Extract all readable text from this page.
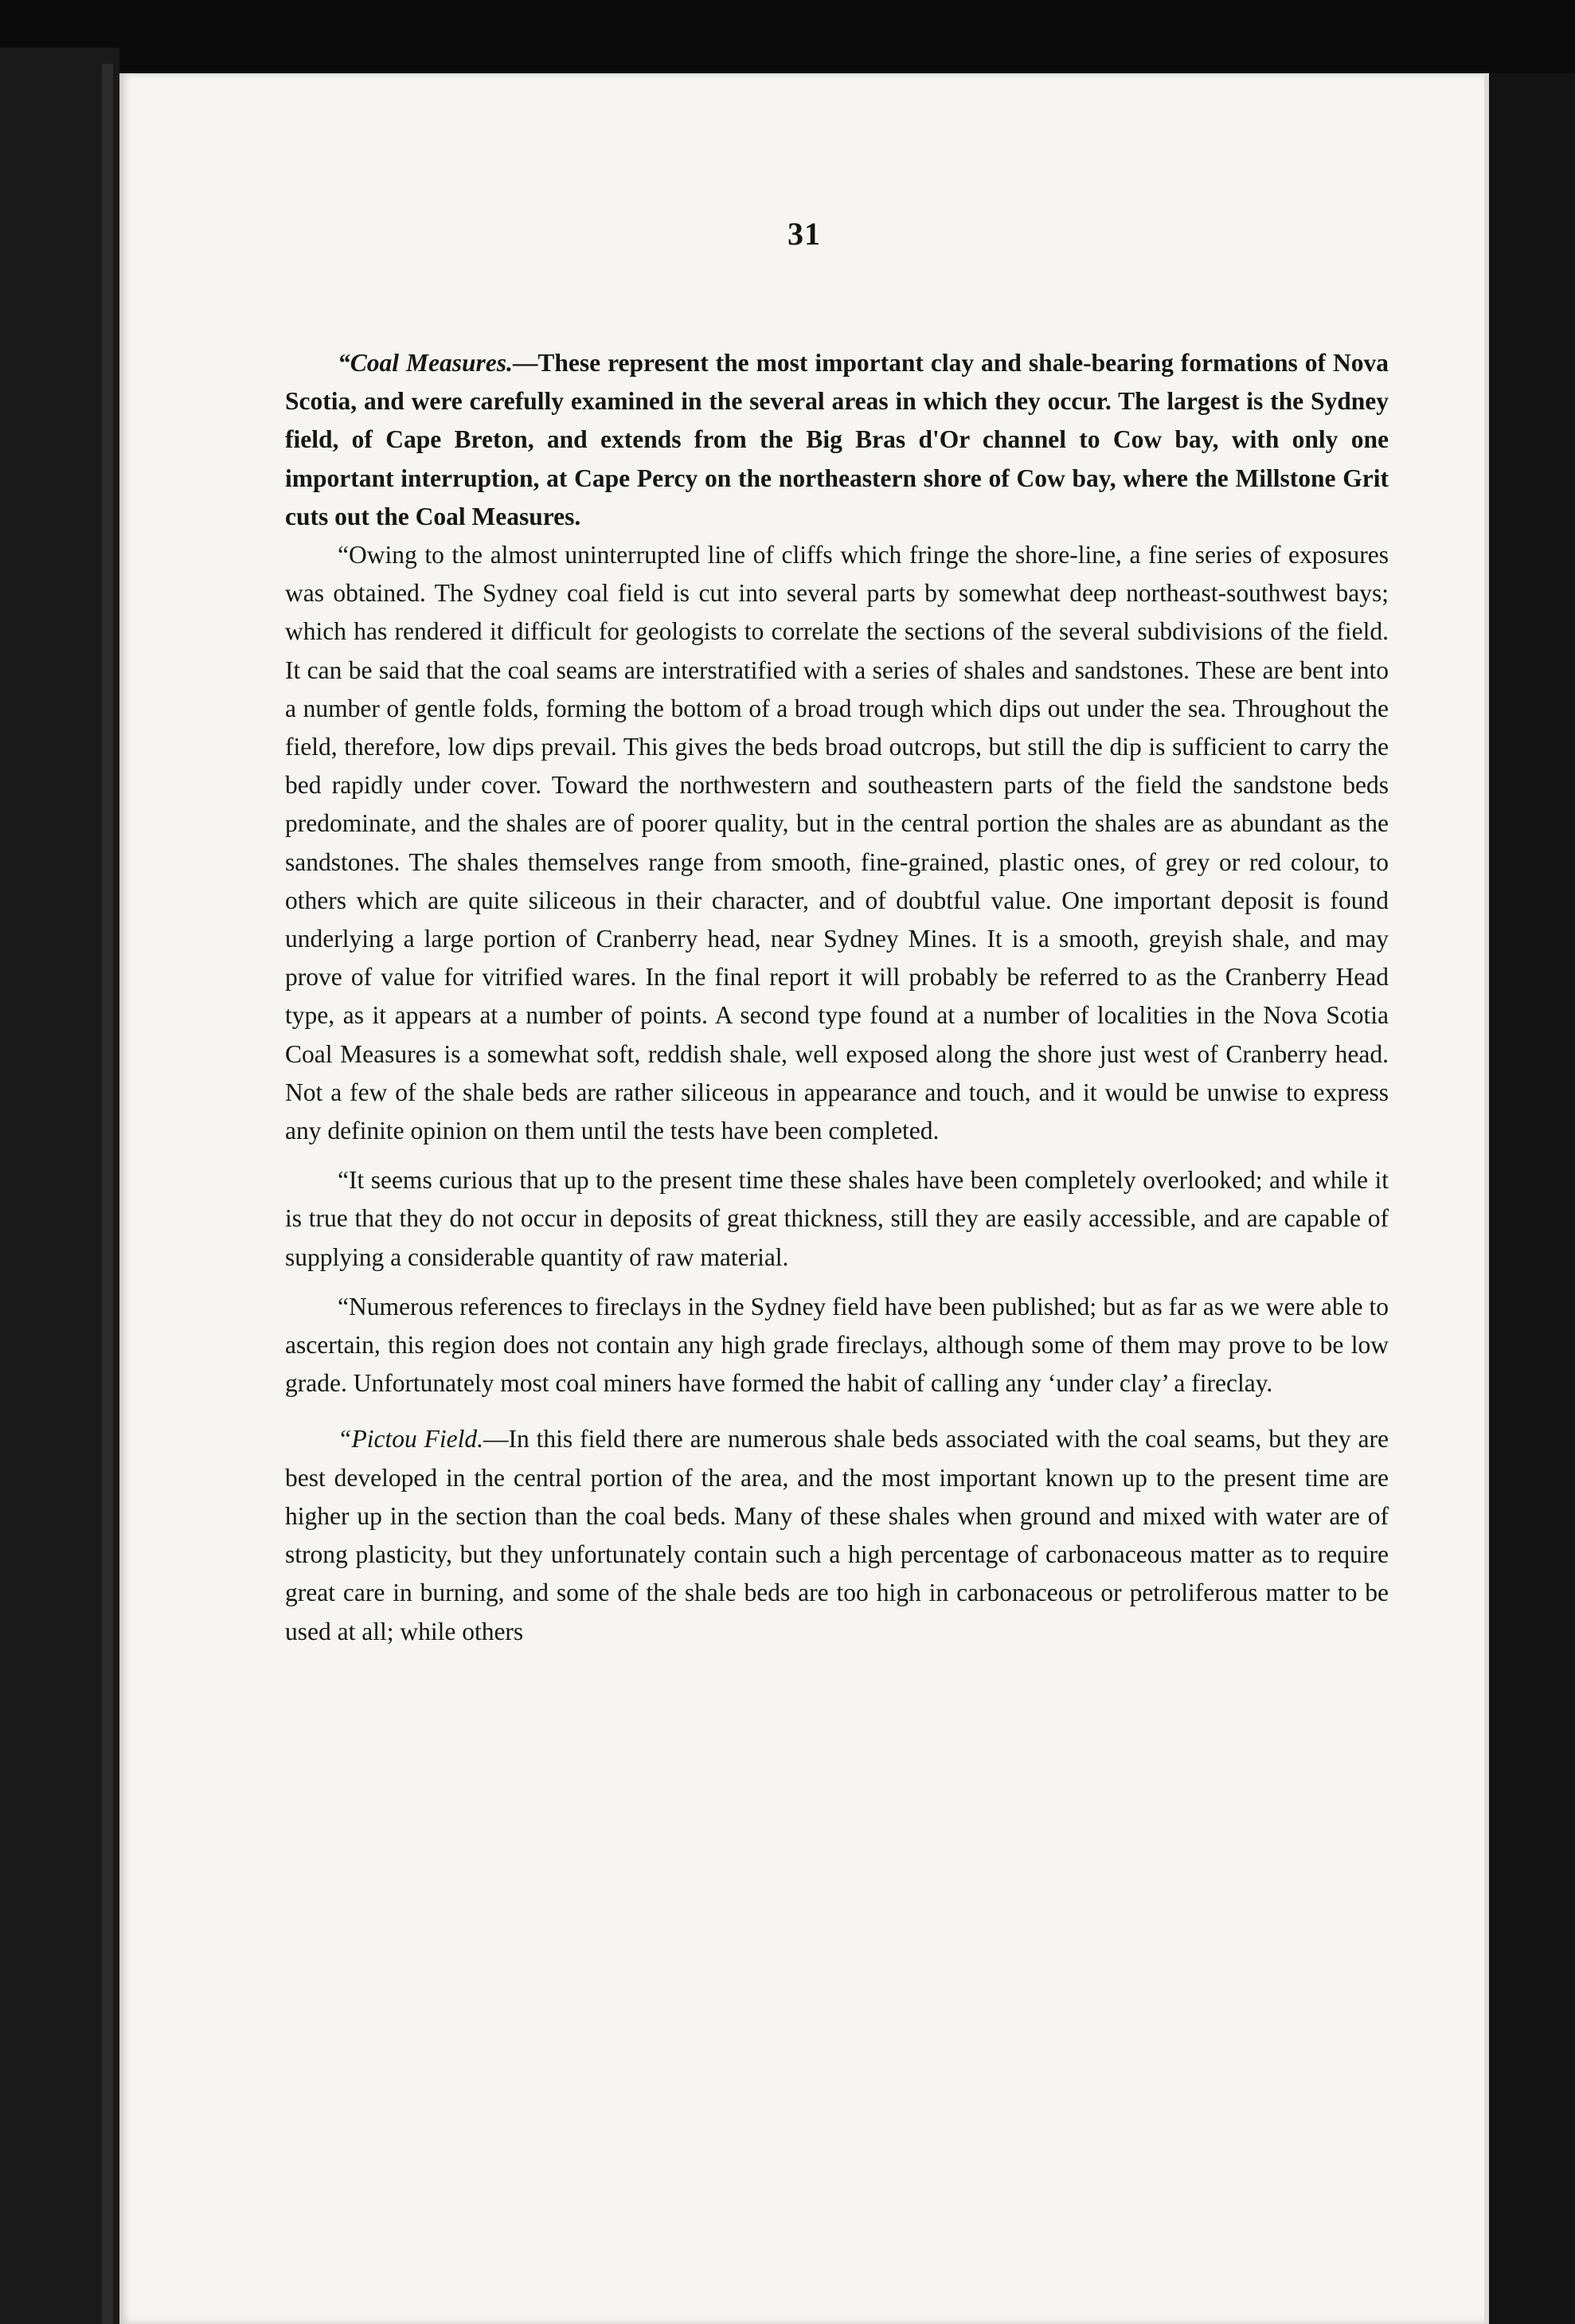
31

“Coal Measures.—These represent the most important clay and shale-bearing formations of Nova Scotia, and were carefully examined in the several areas in which they occur. The largest is the Sydney field, of Cape Breton, and extends from the Big Bras d'Or channel to Cow bay, with only one important interruption, at Cape Percy on the northeastern shore of Cow bay, where the Millstone Grit cuts out the Coal Measures.

“Owing to the almost uninterrupted line of cliffs which fringe the shore-line, a fine series of exposures was obtained. The Sydney coal field is cut into several parts by somewhat deep northeast-southwest bays; which has rendered it difficult for geologists to correlate the sections of the several subdivisions of the field. It can be said that the coal seams are interstratified with a series of shales and sandstones. These are bent into a number of gentle folds, forming the bottom of a broad trough which dips out under the sea. Throughout the field, therefore, low dips prevail. This gives the beds broad outcrops, but still the dip is sufficient to carry the bed rapidly under cover. Toward the northwestern and southeastern parts of the field the sandstone beds predominate, and the shales are of poorer quality, but in the central portion the shales are as abundant as the sandstones. The shales themselves range from smooth, fine-grained, plastic ones, of grey or red colour, to others which are quite siliceous in their character, and of doubtful value. One important deposit is found underlying a large portion of Cranberry head, near Sydney Mines. It is a smooth, greyish shale, and may prove of value for vitrified wares. In the final report it will probably be referred to as the Cranberry Head type, as it appears at a number of points. A second type found at a number of localities in the Nova Scotia Coal Measures is a somewhat soft, reddish shale, well exposed along the shore just west of Cranberry head. Not a few of the shale beds are rather siliceous in appearance and touch, and it would be unwise to express any definite opinion on them until the tests have been completed.

“It seems curious that up to the present time these shales have been completely overlooked; and while it is true that they do not occur in deposits of great thickness, still they are easily accessible, and are capable of supplying a considerable quantity of raw material.

“Numerous references to fireclays in the Sydney field have been published; but as far as we were able to ascertain, this region does not contain any high grade fireclays, although some of them may prove to be low grade. Unfortunately most coal miners have formed the habit of calling any ‘under clay’ a fireclay.

“Pictou Field.—In this field there are numerous shale beds associated with the coal seams, but they are best developed in the central portion of the area, and the most important known up to the present time are higher up in the section than the coal beds. Many of these shales when ground and mixed with water are of strong plasticity, but they unfortunately contain such a high percentage of carbonaceous matter as to require great care in burning, and some of the shale beds are too high in carbonaceous or petroliferous matter to be used at all; while others
